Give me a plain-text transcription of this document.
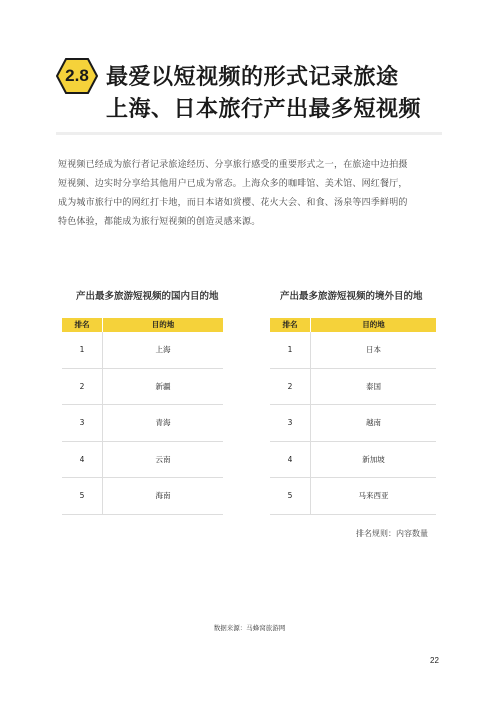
2.8 最爱以短视频的形式记录旅途
上海、日本旅行产出最多短视频
短视频已经成为旅行者记录旅途经历、分享旅行感受的重要形式之一，在旅途中边拍摄
短视频、边实时分享给其他用户已成为常态。上海众多的咖啡馆、美术馆、网红餐厅，
成为城市旅行中的网红打卡地，而日本诸如赏樱、花火大会、和食、汤泉等四季鲜明的
特色体验，都能成为旅行短视频的创造灵感来源。
产出最多旅游短视频的国内目的地
排名	目的地
1	上海
2	新疆
3	青海
4	云南
5	海南
产出最多旅游短视频的境外目的地
排名	目的地
1	日本
2	泰国
3	越南
4	新加坡
5	马来西亚
排名规则：内容数量
数据来源：马蜂窝旅游网
22
